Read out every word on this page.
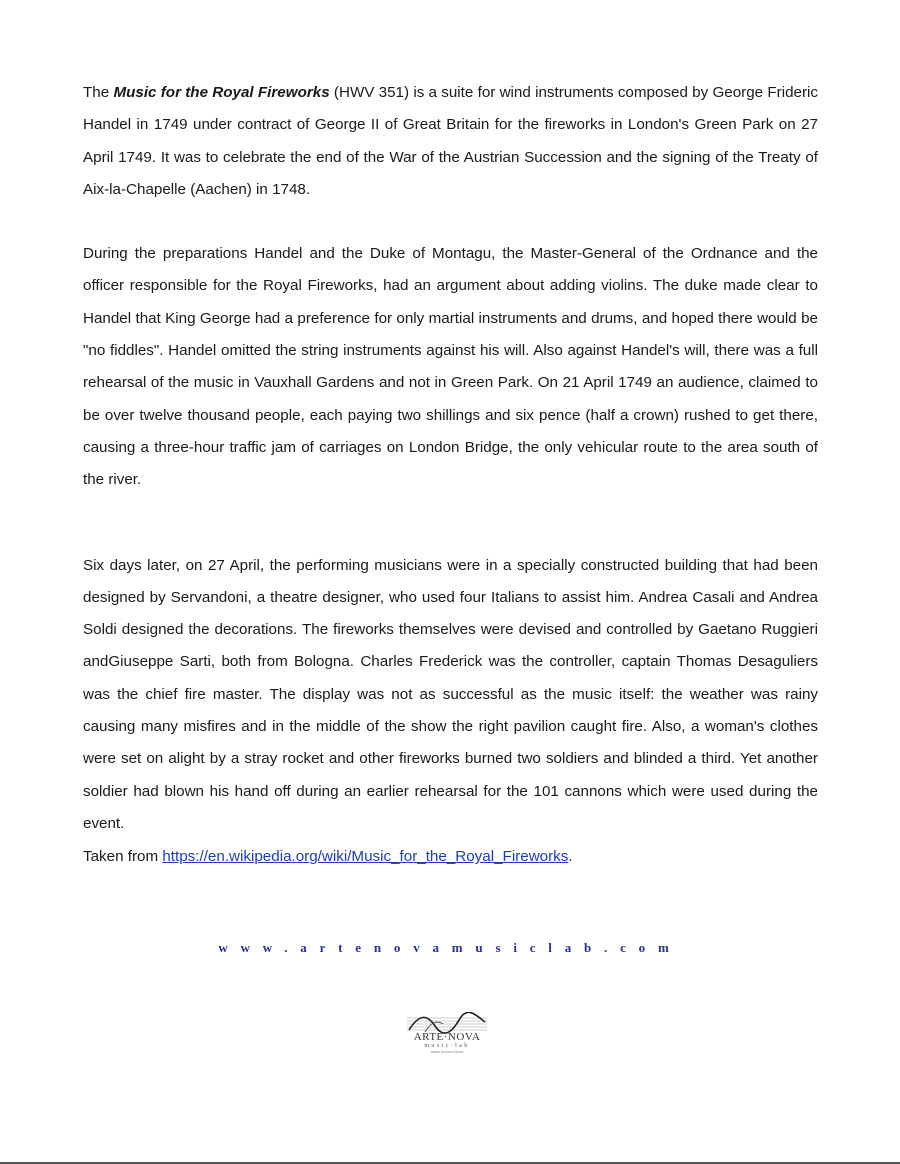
The Music for the Royal Fireworks (HWV 351) is a suite for wind instruments composed by George Frideric Handel in 1749 under contract of George II of Great Britain for the fireworks in London's Green Park on 27 April 1749. It was to celebrate the end of the War of the Austrian Succession and the signing of the Treaty of Aix-la-Chapelle (Aachen) in 1748.

During the preparations Handel and the Duke of Montagu, the Master-General of the Ordnance and the officer responsible for the Royal Fireworks, had an argument about adding violins. The duke made clear to Handel that King George had a preference for only martial instruments and drums, and hoped there would be "no fiddles". Handel omitted the string instruments against his will. Also against Handel's will, there was a full rehearsal of the music in Vauxhall Gardens and not in Green Park. On 21 April 1749 an audience, claimed to be over twelve thousand people, each paying two shillings and six pence (half a crown) rushed to get there, causing a three-hour traffic jam of carriages on London Bridge, the only vehicular route to the area south of the river.

Six days later, on 27 April, the performing musicians were in a specially constructed building that had been designed by Servandoni, a theatre designer, who used four Italians to assist him. Andrea Casali and Andrea Soldi designed the decorations. The fireworks themselves were devised and controlled by Gaetano Ruggieri andGiuseppe Sarti, both from Bologna. Charles Frederick was the controller, captain Thomas Desaguliers was the chief fire master. The display was not as successful as the music itself: the weather was rainy causing many misfires and in the middle of the show the right pavilion caught fire. Also, a woman's clothes were set on alight by a stray rocket and other fireworks burned two soldiers and blinded a third. Yet another soldier had blown his hand off during an earlier rehearsal for the 101 cannons which were used during the event.

Taken from https://en.wikipedia.org/wiki/Music_for_the_Royal_Fireworks.

www.artenovamusiclab.com
ARTE·NOVA
music·lab
Italian Ancient Music
